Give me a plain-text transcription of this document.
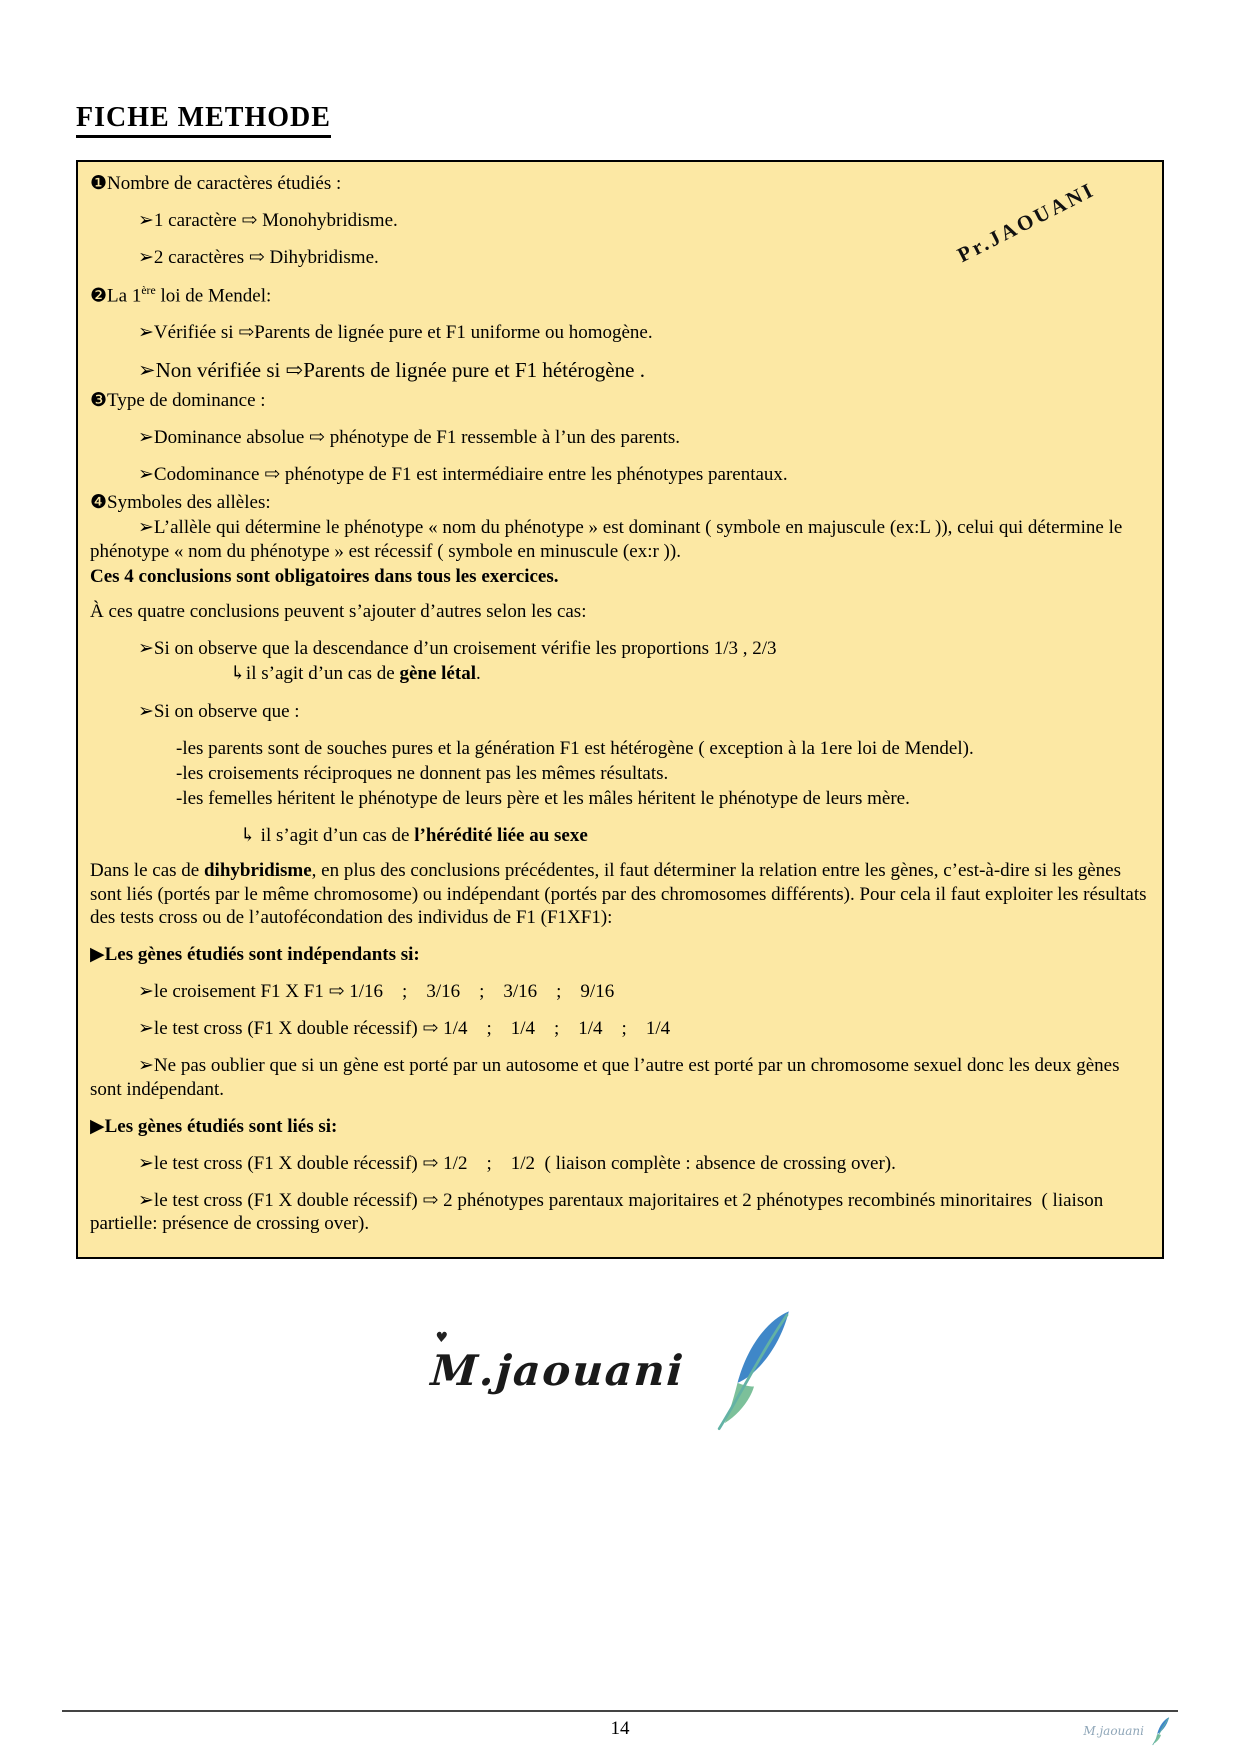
FICHE METHODE
Pr.JAOUANI
❶Nombre de caractères étudiés :
➢1 caractère ⇨ Monohybridisme.
➢2 caractères ⇨ Dihybridisme.
❷La 1ère loi de Mendel:
➢Vérifiée si ⇨Parents de lignée pure et F1 uniforme ou homogène.
➢Non vérifiée si ⇨Parents de lignée pure et F1 hétérogène .
❸Type de dominance :
➢Dominance absolue ⇨ phénotype de F1 ressemble à l’un des parents.
➢Codominance ⇨ phénotype de F1 est intermédiaire entre les phénotypes parentaux.
❹Symboles des allèles:
➢L’allèle qui détermine le phénotype « nom du phénotype » est dominant ( symbole en majuscule (ex:L )), celui qui détermine le phénotype « nom du phénotype » est récessif ( symbole en minuscule (ex:r )).
Ces 4 conclusions sont obligatoires dans tous les exercices.
À ces quatre conclusions peuvent s’ajouter d’autres selon les cas:
➢Si on observe que la descendance d’un croisement vérifie les proportions 1/3 , 2/3
↳il s’agit d’un cas de gène létal.
➢Si on observe que :
-les parents sont de souches pures et la génération F1 est hétérogène ( exception à la 1ere loi de Mendel).
-les croisements réciproques ne donnent pas les mêmes résultats.
-les femelles héritent le phénotype de leurs père et les mâles héritent le phénotype de leurs mère.
↳ il s’agit d’un cas de l’hérédité liée au sexe
Dans le cas de dihybridisme, en plus des conclusions précédentes, il faut déterminer la relation entre les gènes, c’est-à-dire si les gènes sont liés (portés par le même chromosome) ou indépendant (portés par des chromosomes différents). Pour cela il faut exploiter les résultats des tests cross ou de l’autofécondation des individus de F1 (F1XF1):
▶Les gènes étudiés sont indépendants si:
➢le croisement F1 X F1 ⇨ 1/16    ;    3/16    ;    3/16    ;    9/16
➢le test cross (F1 X double récessif) ⇨ 1/4    ;    1/4    ;    1/4    ;    1/4
➢Ne pas oublier que si un gène est porté par un autosome et que l’autre est porté par un chromosome sexuel donc les deux gènes sont indépendant.
▶Les gènes étudiés sont liés si:
➢le test cross (F1 X double récessif) ⇨ 1/2    ;    1/2  ( liaison complète : absence de crossing over).
➢le test cross (F1 X double récessif) ⇨ 2 phénotypes parentaux majoritaires et 2 phénotypes recombinés minoritaires  ( liaison partielle: présence de crossing over).
♥
M.jaouani
14	M.jaouani
